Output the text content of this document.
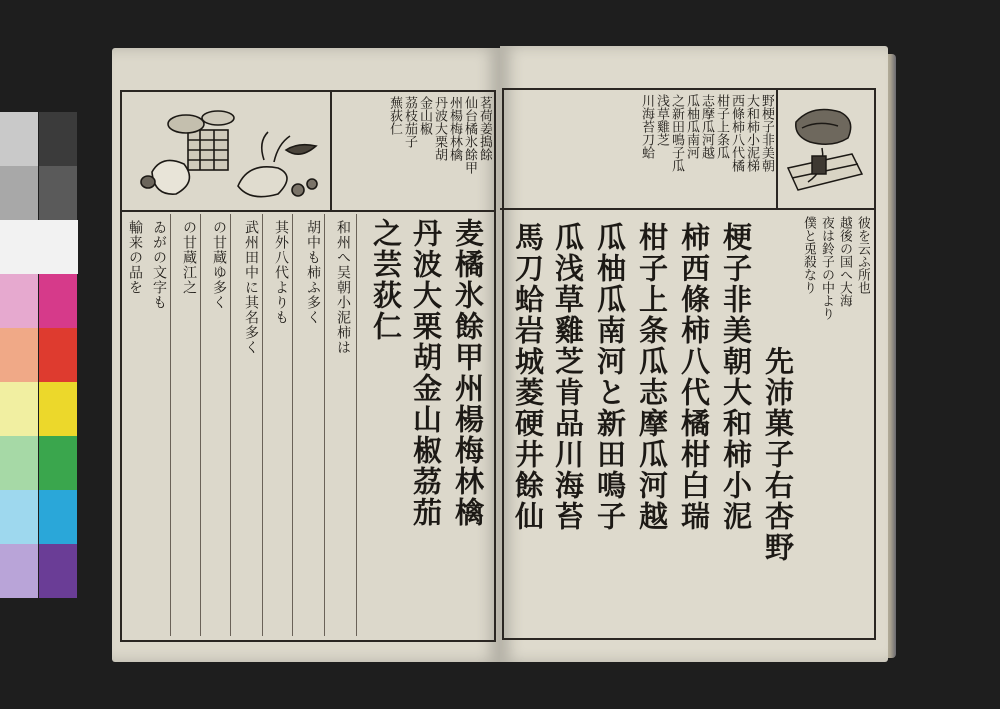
茗荷姜搗餘
仙台橘氷餘甲
州楊梅林檎
丹波大栗胡
金山椒
茘枝茄子
蕪荻仁
麦橘氷餘甲州楊梅林檎
丹波大栗胡金山椒茘茄
之芸荻仁
和州へ吴朝小泥柿は
胡中も柿ふ多く
其外八代よりも
武州田中に其名多く
の甘蔵ゆ多く
の甘蔵江之
ゐがの文字も
輸来の品を
野梗子非美朝
大和柿小泥梯
西條柿八代橘
柑子上条瓜
志摩瓜河越
瓜柚瓜南河
之新田鳴子瓜
浅草雞芝
川海苔刀蛤
彼を云ふ所也
越後の国へ大海
夜は鈴子の中より
僕と兎殺なり
先沛菓子右杏野
梗子非美朝大和柿小泥
柿西條柿八代橘柑白瑞
柑子上条瓜志摩瓜河越
瓜柚瓜南河と新田鳴子
瓜浅草雞芝肯品川海苔
馬刀蛤岩城菱硬井餘仙
